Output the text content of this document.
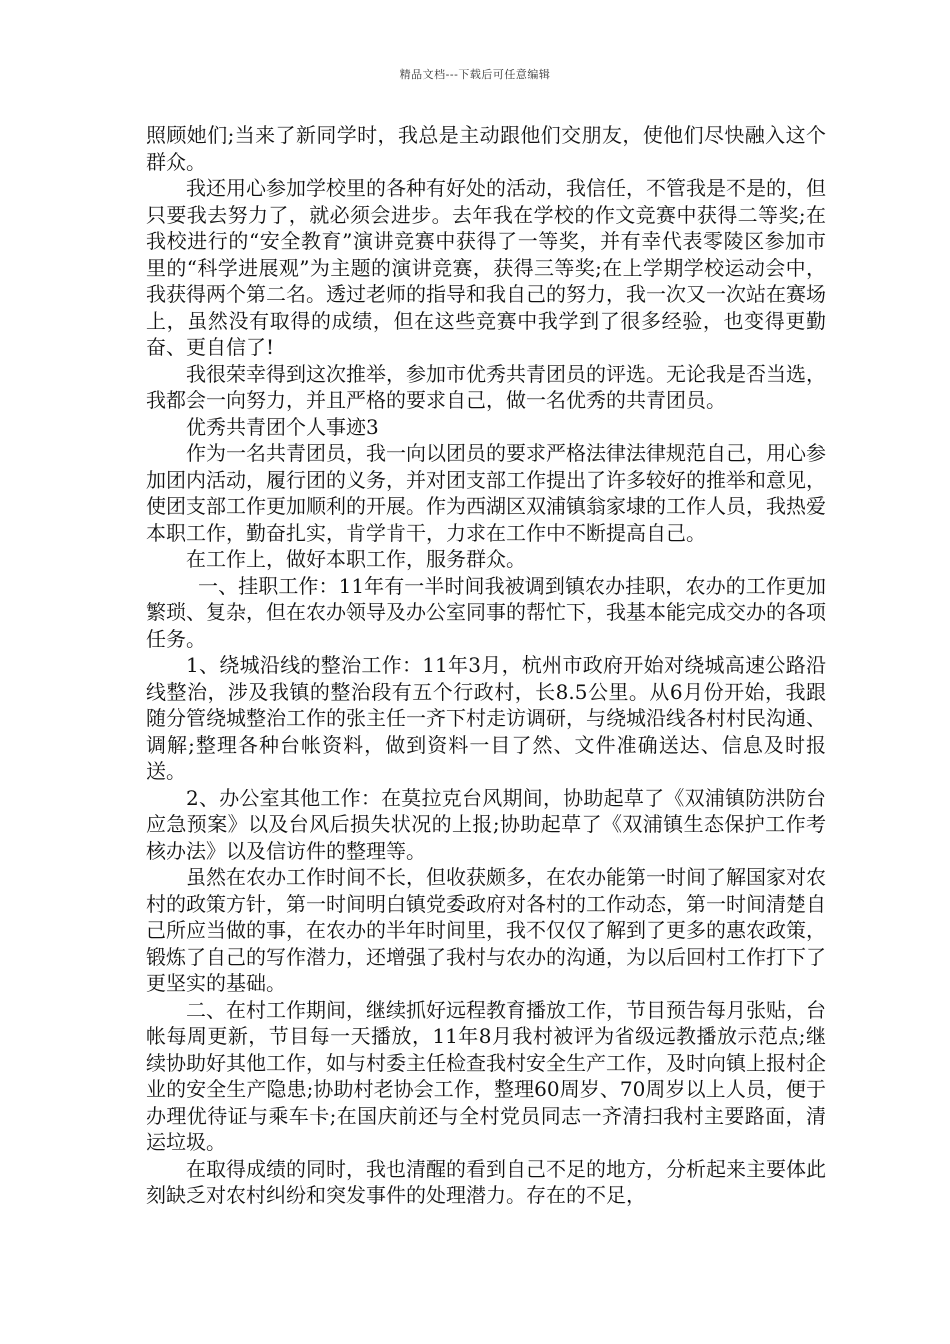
精品文档---下载后可任意编辑

照顾她们;当来了新同学时，我总是主动跟他们交朋友，使他们尽快融入这个群众。

我还用心参加学校里的各种有好处的活动，我信任，不管我是不是的，但只要我去努力了，就必须会进步。去年我在学校的作文竞赛中获得二等奖;在我校进行的“安全教育”演讲竞赛中获得了一等奖，并有幸代表零陵区参加市里的“科学进展观”为主题的演讲竞赛，获得三等奖;在上学期学校运动会中，我获得两个第二名。透过老师的指导和我自己的努力，我一次又一次站在赛场上，虽然没有取得的成绩，但在这些竞赛中我学到了很多经验，也变得更勤奋、更自信了!

我很荣幸得到这次推举，参加市优秀共青团员的评选。无论我是否当选，我都会一向努力，并且严格的要求自己，做一名优秀的共青团员。

优秀共青团个人事迹3

作为一名共青团员，我一向以团员的要求严格法律法律规范自己，用心参加团内活动，履行团的义务，并对团支部工作提出了许多较好的推举和意见，使团支部工作更加顺利的开展。作为西湖区双浦镇翁家埭的工作人员，我热爱本职工作，勤奋扎实，肯学肯干，力求在工作中不断提高自己。

在工作上，做好本职工作，服务群众。

一、挂职工作：11年有一半时间我被调到镇农办挂职，农办的工作更加繁琐、复杂，但在农办领导及办公室同事的帮忙下，我基本能完成交办的各项任务。

1、绕城沿线的整治工作：11年3月，杭州市政府开始对绕城高速公路沿线整治，涉及我镇的整治段有五个行政村，长8.5公里。从6月份开始，我跟随分管绕城整治工作的张主任一齐下村走访调研，与绕城沿线各村村民沟通、调解;整理各种台帐资料，做到资料一目了然、文件准确送达、信息及时报送。

2、办公室其他工作：在莫拉克台风期间，协助起草了《双浦镇防洪防台应急预案》以及台风后损失状况的上报;协助起草了《双浦镇生态保护工作考核办法》以及信访件的整理等。

虽然在农办工作时间不长，但收获颇多，在农办能第一时间了解国家对农村的政策方针，第一时间明白镇党委政府对各村的工作动态，第一时间清楚自己所应当做的事，在农办的半年时间里，我不仅仅了解到了更多的惠农政策，锻炼了自己的写作潜力，还增强了我村与农办的沟通，为以后回村工作打下了更坚实的基础。

二、在村工作期间，继续抓好远程教育播放工作，节目预告每月张贴，台帐每周更新，节目每一天播放，11年8月我村被评为省级远教播放示范点;继续协助好其他工作，如与村委主任检查我村安全生产工作，及时向镇上报村企业的安全生产隐患;协助村老协会工作，整理60周岁、70周岁以上人员，便于办理优待证与乘车卡;在国庆前还与全村党员同志一齐清扫我村主要路面，清运垃圾。

在取得成绩的同时，我也清醒的看到自己不足的地方，分析起来主要体此刻缺乏对农村纠纷和突发事件的处理潜力。存在的不足，
